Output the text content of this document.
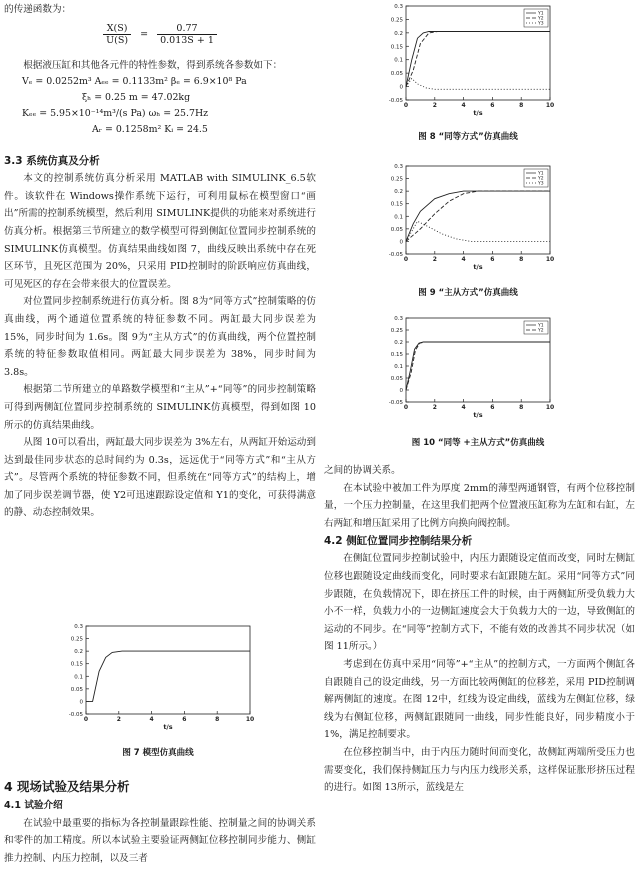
的传递函数为：

$\frac{X(S)}{U(S)} = \frac{0.77}{0.013S + 1}$

根据液压缸和其他各元件的特性参数，得到系统各参数如下：

Vₑ = 0.0252m³ Aₑₑ = 0.1133m² βₑ = 6.9×10⁸ Pa

ξₕ = 0.25 m = 47.02kg

Kₑₑ = 5.95×10⁻¹⁴m³/(s Pa) ωₕ = 25.7Hz

Aᵣ = 0.1258m² Kᵢ = 24.5

3.3 系统仿真及分析

本文的控制系统仿真分析采用 MATLAB with SIMULINK_6.5软件。该软件在 Windows操作系统下运行，可利用鼠标在模型窗口“画出”所需的控制系统模型，然后利用 SIMULINK提供的功能来对系统进行仿真分析。根据第三节所建立的数学模型可得到侧缸位置同步控制系统的 SIMULINK仿真模型。仿真结果曲线如图 7，曲线反映出系统中存在死区环节，且死区范围为 20%，只采用 PID控制时的阶跃响应仿真曲线，可见死区的存在会带来很大的位置误差。

对位置同步控制系统进行仿真分析。图 8为“同等方式”控制策略的仿真曲线，两个通道位置系统的特征参数不同。两缸最大同步误差为 15%，同步时间为 1.6s。图 9为“主从方式”的仿真曲线，两个位置控制系统的特征参数取值相同。两缸最大同步误差为 38%，同步时间为 3.8s。

根据第二节所建立的单路数学模型和“主从”+“同等”的同步控制策略可得到两侧缸位置同步控制系统的 SIMULINK仿真模型，得到如图 10所示的仿真结果曲线。

从图 10可以看出，两缸最大同步误差为 3%左右，从两缸开始运动到达到最佳同步状态的总时间约为 0.3s，远远优于“同等方式”和“主从方式”。尽管两个系统的特征参数不同，但系统在“同等方式”的结构上，增加了同步误差调节器，使 Y2可迅速跟踪设定值和 Y1的变化，可获得满意的静、动态控制效果。

-0.05
0
0.05
0.1
0.15
0.2
0.25
0.3
0	2	4	6	8	10
t/s

图 7 模型仿真曲线

4 现场试验及结果分析

4.1 试验介绍

在试验中最重要的指标为各控制量跟踪性能、控制量之间的协调关系和零件的加工精度。所以本试验主要验证两侧缸位移控制同步能力、侧缸推力控制、内压力控制，以及三者

-0.05
0
0.05
0.1
0.15
0.2
0.25
0.3
0	2	4	6	8	10
t/s
Y1
Y2
Y3

图 8 “同等方式”仿真曲线

-0.05
0
0.05
0.1
0.15
0.2
0.25
0.3
0	2	4	6	8	10
t/s
Y1
Y2
Y3

图 9 “主从方式”仿真曲线

-0.05
0
0.05
0.1
0.15
0.2
0.25
0.3
0	2	4	6	8	10
t/s
Y1
Y2

图 10 “同等 +主从方式”仿真曲线

之间的协调关系。

在本试验中被加工件为厚度 2mm的薄型两通钢管，有两个位移控制量，一个压力控制量，在这里我们把两个位置液压缸称为左缸和右缸，左右两缸和增压缸采用了比例方向换向阀控制。

4.2 侧缸位置同步控制结果分析

在侧缸位置同步控制试验中，内压力跟随设定值而改变，同时左侧缸位移也跟随设定曲线而变化，同时要求右缸跟随左缸。采用“同等方式”同步跟随，在负载情况下，即在挤压工件的时候，由于两侧缸所受负载力大小不一样，负载力小的一边侧缸速度会大于负载力大的一边，导致侧缸的运动的不同步。在“同等”控制方式下，不能有效的改善其不同步状况（如图 11所示。）

考虑到在仿真中采用“同等”+“主从”的控制方式，一方面两个侧缸各自跟随自己的设定曲线，另一方面比较两侧缸的位移差，采用 PID控制调解两侧缸的速度。在图 12中，红线为设定曲线，蓝线为左侧缸位移，绿线为右侧缸位移，两侧缸跟随同一曲线，同步性能良好，同步精度小于 1%，满足控制要求。

在位移控制当中，由于内压力随时间而变化，故侧缸两端所受压力也需要变化，我们保持侧缸压力与内压力线形关系，这样保证胀形挤压过程的进行。如图 13所示，蓝线是左
